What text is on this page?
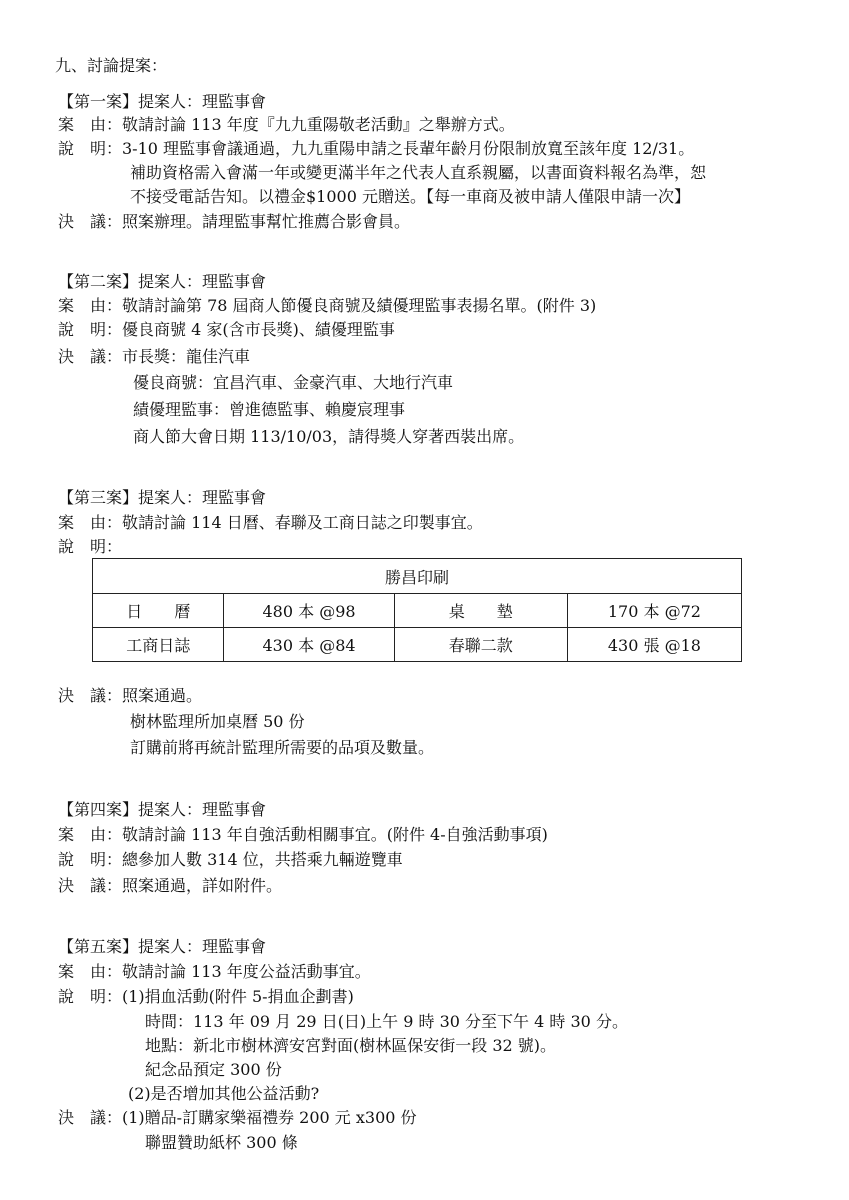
九、討論提案：
【第一案】提案人：理監事會
案　由：敬請討論 113 年度『九九重陽敬老活動』之舉辦方式。
說　明：3-10 理監事會議通過，九九重陽申請之長輩年齡月份限制放寬至該年度 12/31。
補助資格需入會滿一年或變更滿半年之代表人直系親屬，以書面資料報名為準，恕
不接受電話告知。以禮金$1000 元贈送。【每一車商及被申請人僅限申請一次】
決　議：照案辦理。請理監事幫忙推薦合影會員。
【第二案】提案人：理監事會
案　由：敬請討論第 78 屆商人節優良商號及績優理監事表揚名單。(附件 3)
說　明：優良商號 4 家(含市長獎)、績優理監事
決　議：市長獎：龍佳汽車
優良商號：宜昌汽車、金豪汽車、大地行汽車
績優理監事：曾進德監事、賴慶宸理事
商人節大會日期 113/10/03，請得獎人穿著西裝出席。
【第三案】提案人：理監事會
案　由：敬請討論 114 日曆、春聯及工商日誌之印製事宜。
說　明：
勝昌印刷			
日　　曆	480 本 @98	桌　　墊	170 本 @72
工商日誌	430 本 @84	春聯二款	430 張 @18
決　議：照案通過。
樹林監理所加桌曆 50 份
訂購前將再統計監理所需要的品項及數量。
【第四案】提案人：理監事會
案　由：敬請討論 113 年自強活動相關事宜。(附件 4-自強活動事項)
說　明：總參加人數 314 位，共搭乘九輛遊覽車
決　議：照案通過，詳如附件。
【第五案】提案人：理監事會
案　由：敬請討論 113 年度公益活動事宜。
說　明：(1)捐血活動(附件 5-捐血企劃書)
時間：113 年 09 月 29 日(日)上午 9 時 30 分至下午 4 時 30 分。
地點：新北市樹林濟安宮對面(樹林區保安街一段 32 號)。
紀念品預定 300 份
(2)是否增加其他公益活動?
決　議：(1)贈品-訂購家樂福禮券 200 元 x300 份
聯盟贊助紙杯 300 條
